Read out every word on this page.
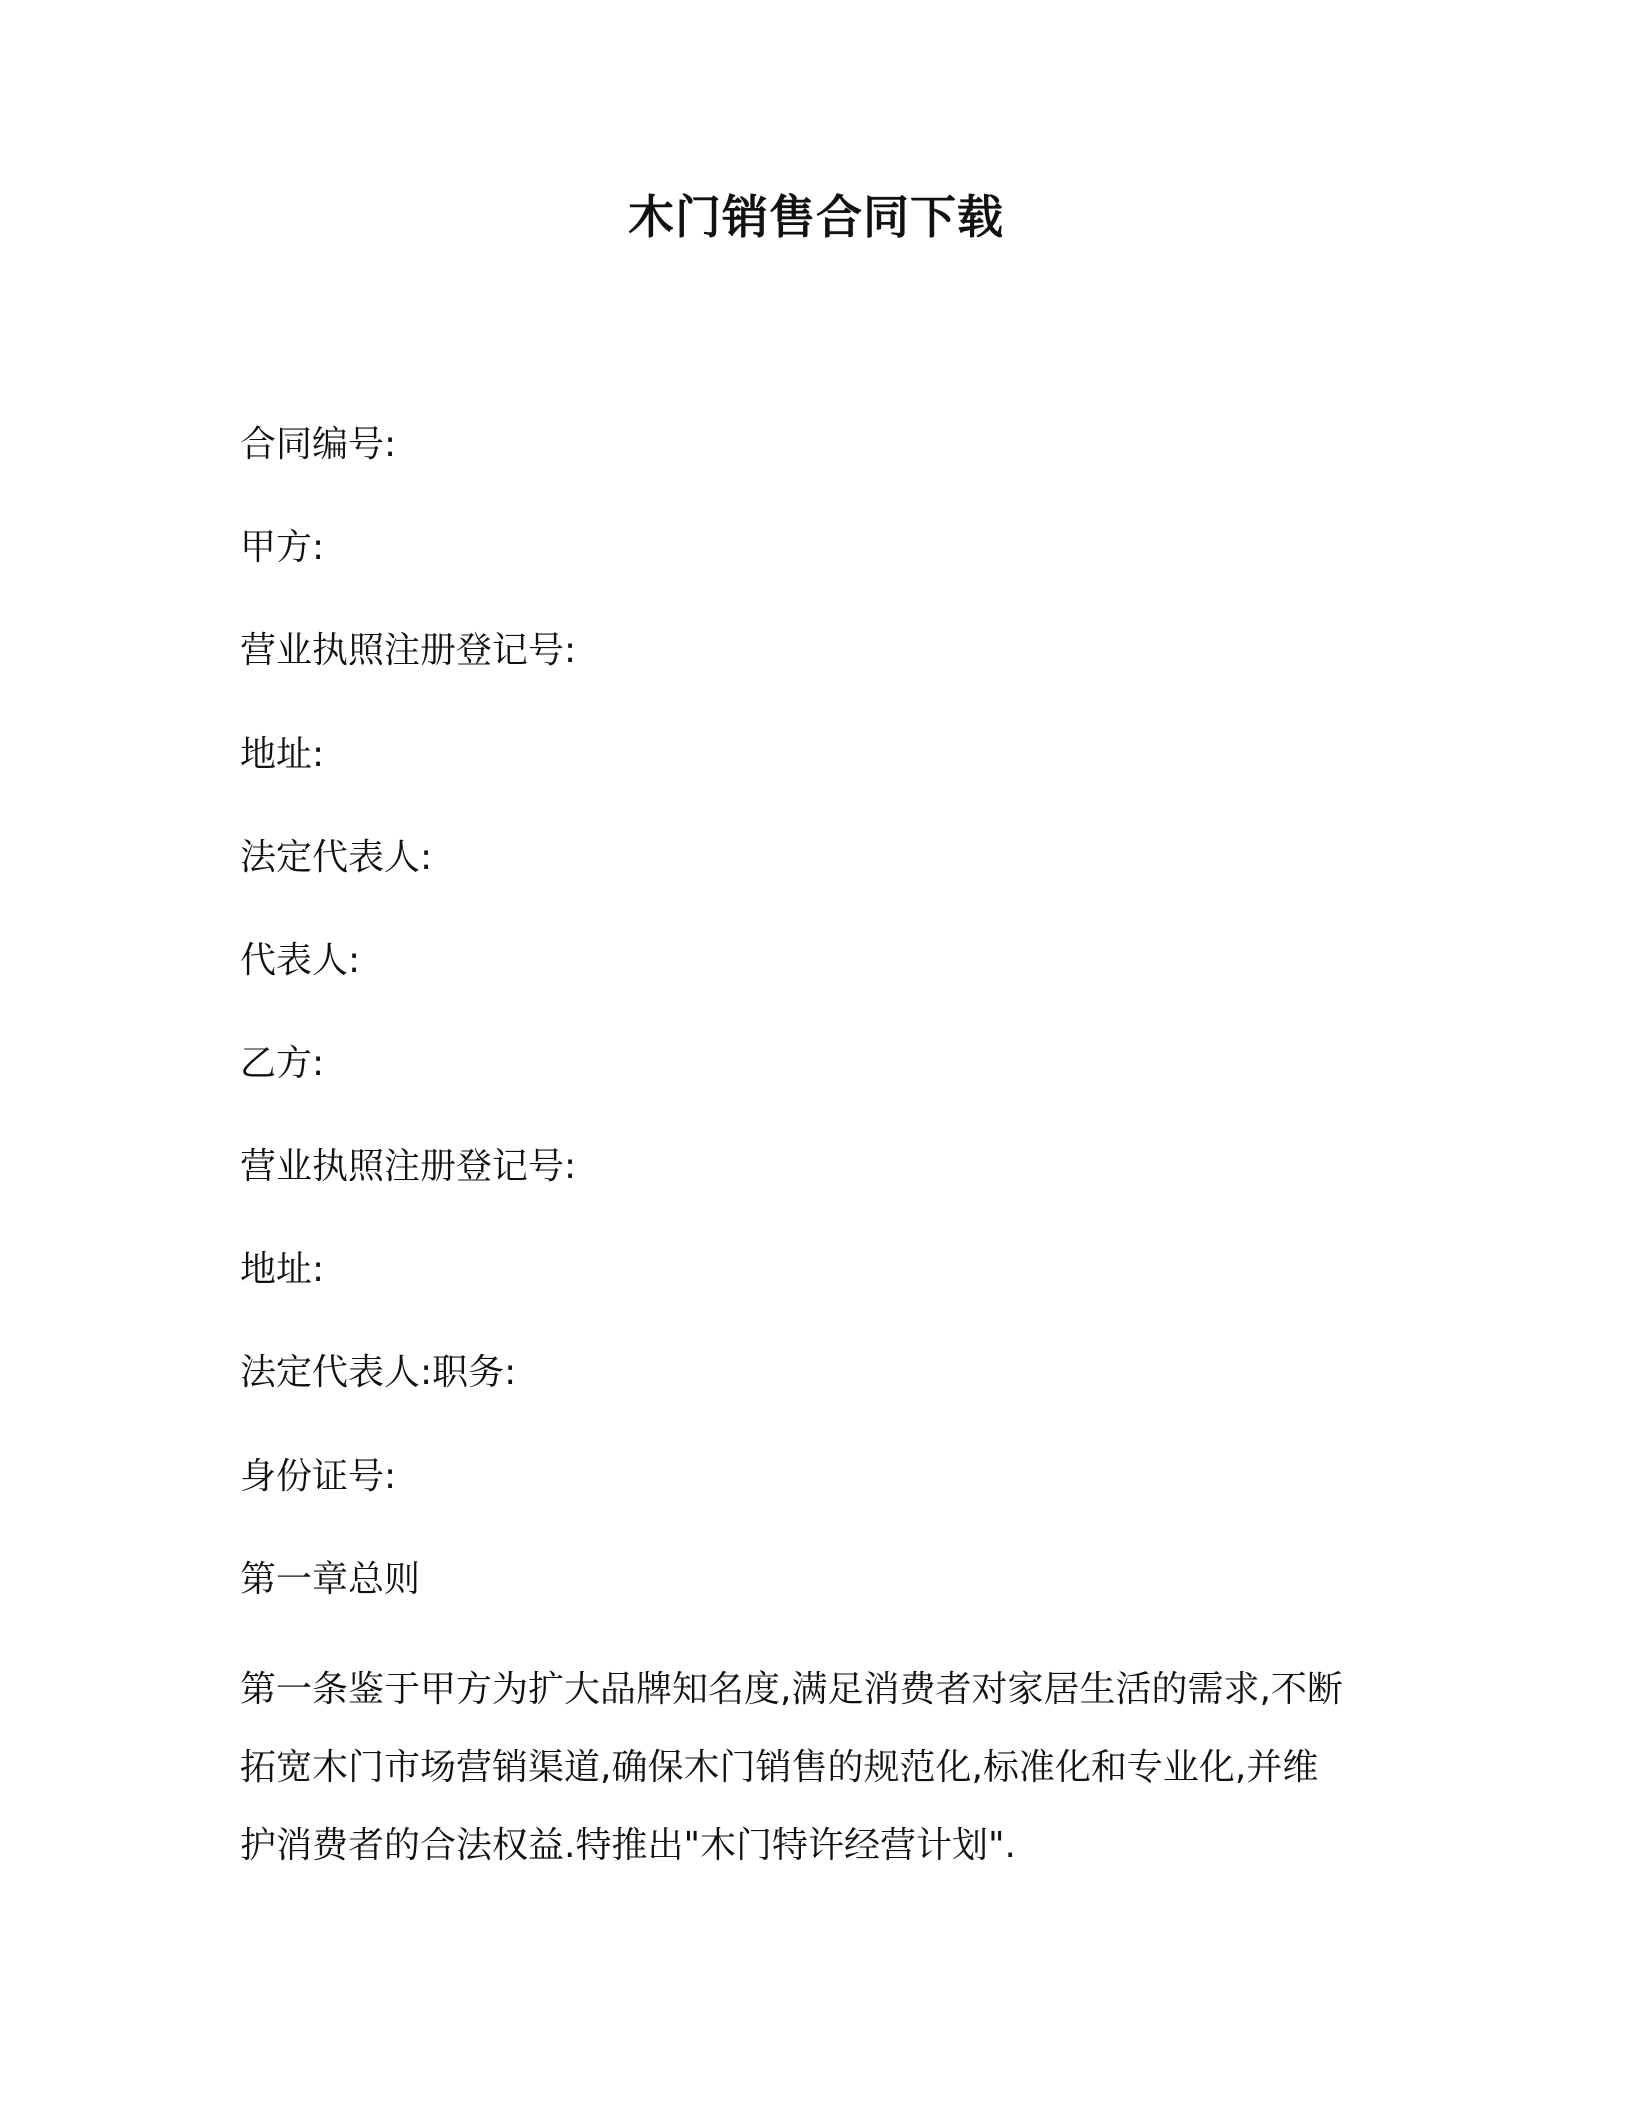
木门销售合同下载
合同编号:
甲方:
营业执照注册登记号:
地址:
法定代表人:
代表人:
乙方:
营业执照注册登记号:
地址:
法定代表人:职务:
身份证号:
第一章总则

第一条鉴于甲方为扩大品牌知名度,满足消费者对家居生活的需求,不断
拓宽木门市场营销渠道,确保木门销售的规范化,标准化和专业化,并维
护消费者的合法权益.特推出"木门特许经营计划".
